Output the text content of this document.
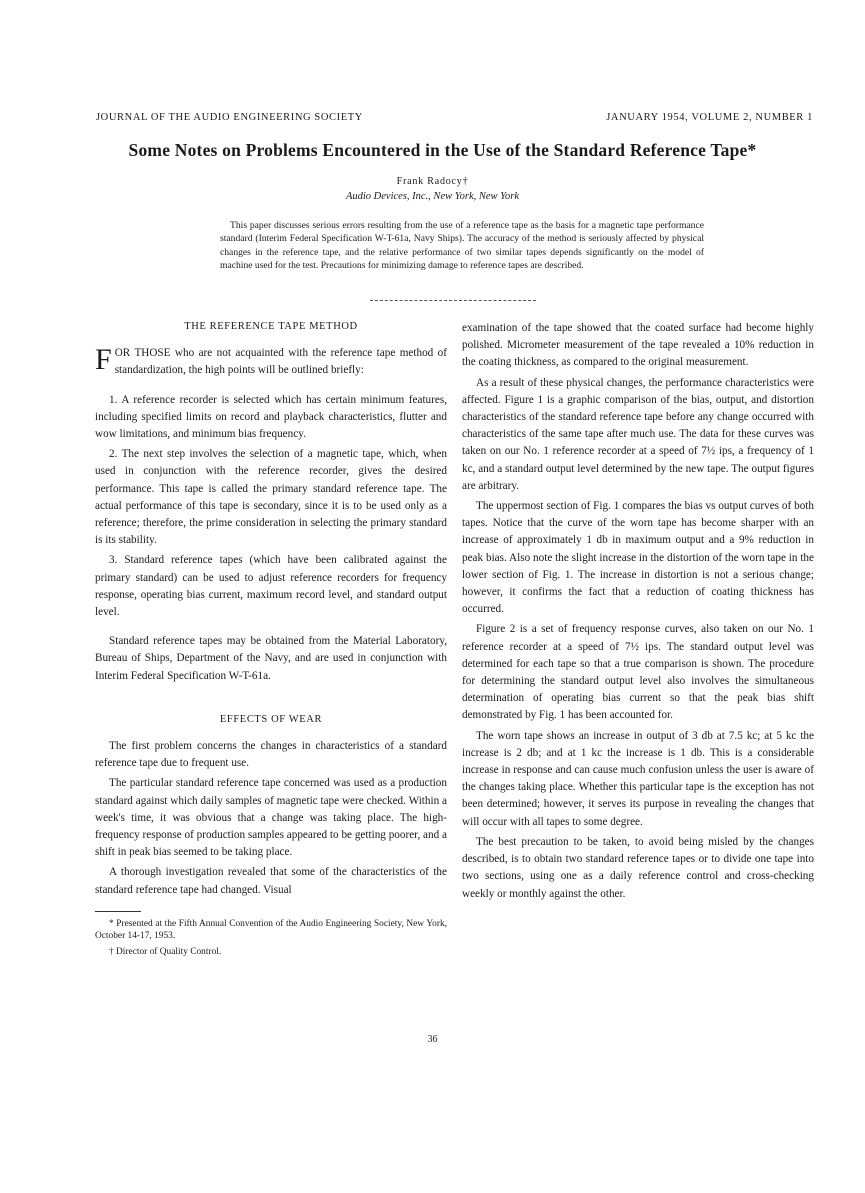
JOURNAL OF THE AUDIO ENGINEERING SOCIETY	JANUARY 1954, VOLUME 2, NUMBER 1
Some Notes on Problems Encountered in the Use of the Standard Reference Tape*
Frank Radocy†
Audio Devices, Inc., New York, New York

This paper discusses serious errors resulting from the use of a reference tape as the basis for a magnetic tape performance standard (Interim Federal Specification W-T-61a, Navy Ships). The accuracy of the method is seriously affected by physical changes in the reference tape, and the relative performance of two similar tapes depends significantly on the model of machine used for the test. Precautions for minimizing damage to reference tapes are described.

THE REFERENCE TAPE METHOD

FOR THOSE who are not acquainted with the reference tape method of standardization, the high points will be outlined briefly:

1. A reference recorder is selected which has certain minimum features, including specified limits on record and playback characteristics, flutter and wow limitations, and minimum bias frequency.

2. The next step involves the selection of a magnetic tape, which, when used in conjunction with the reference recorder, gives the desired performance. This tape is called the primary standard reference tape. The actual performance of this tape is secondary, since it is to be used only as a reference; therefore, the prime consideration in selecting the primary standard is its stability.

3. Standard reference tapes (which have been calibrated against the primary standard) can be used to adjust reference recorders for frequency response, operating bias current, maximum record level, and standard output level.

Standard reference tapes may be obtained from the Material Laboratory, Bureau of Ships, Department of the Navy, and are used in conjunction with Interim Federal Specification W-T-61a.

EFFECTS OF WEAR

The first problem concerns the changes in characteristics of a standard reference tape due to frequent use.

The particular standard reference tape concerned was used as a production standard against which daily samples of magnetic tape were checked. Within a week's time, it was obvious that a change was taking place. The high-frequency response of production samples appeared to be getting poorer, and a shift in peak bias seemed to be taking place.

A thorough investigation revealed that some of the characteristics of the standard reference tape had changed. Visual

* Presented at the Fifth Annual Convention of the Audio Engineering Society, New York, October 14-17, 1953.

† Director of Quality Control.

examination of the tape showed that the coated surface had become highly polished. Micrometer measurement of the tape revealed a 10% reduction in the coating thickness, as compared to the original measurement.

As a result of these physical changes, the performance characteristics were affected. Figure 1 is a graphic comparison of the bias, output, and distortion characteristics of the standard reference tape before any change occurred with characteristics of the same tape after much use. The data for these curves was taken on our No. 1 reference recorder at a speed of 7½ ips, a frequency of 1 kc, and a standard output level determined by the new tape. The output figures are arbitrary.

The uppermost section of Fig. 1 compares the bias vs output curves of both tapes. Notice that the curve of the worn tape has become sharper with an increase of approximately 1 db in maximum output and a 9% reduction in peak bias. Also note the slight increase in the distortion of the worn tape in the lower section of Fig. 1. The increase in distortion is not a serious change; however, it confirms the fact that a reduction of coating thickness has occurred.

Figure 2 is a set of frequency response curves, also taken on our No. 1 reference recorder at a speed of 7½ ips. The standard output level was determined for each tape so that a true comparison is shown. The procedure for determining the standard output level also involves the simultaneous determination of operating bias current so that the peak bias shift demonstrated by Fig. 1 has been accounted for.

The worn tape shows an increase in output of 3 db at 7.5 kc; at 5 kc the increase is 2 db; and at 1 kc the increase is 1 db. This is a considerable increase in response and can cause much confusion unless the user is aware of the changes taking place. Whether this particular tape is the exception has not been determined; however, it serves its purpose in revealing the changes that will occur with all tapes to some degree.

The best precaution to be taken, to avoid being misled by the changes described, is to obtain two standard reference tapes or to divide one tape into two sections, using one as a daily reference control and cross-checking weekly or monthly against the other.

36
